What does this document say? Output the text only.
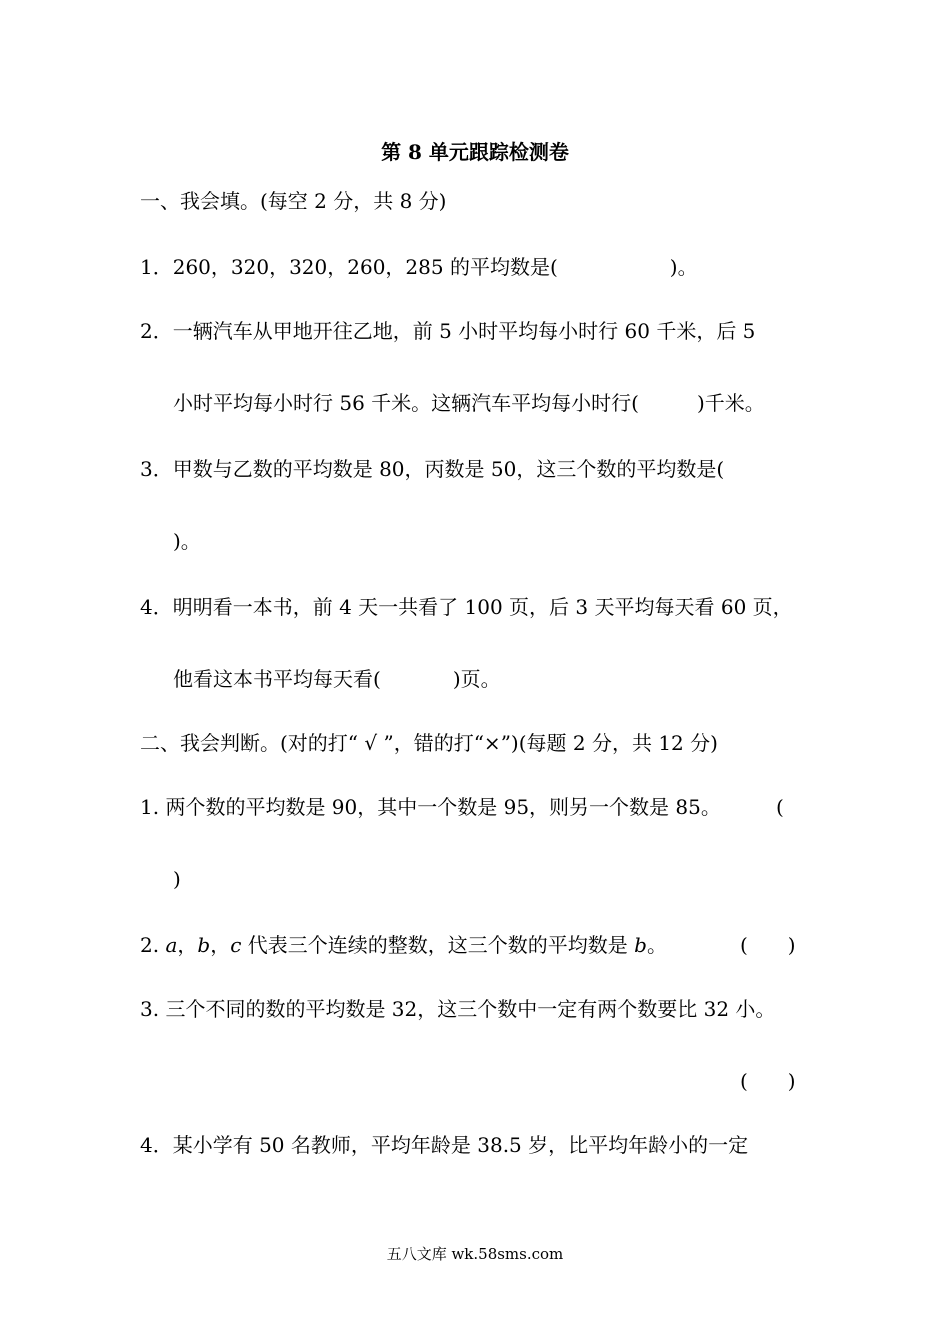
第 8 单元跟踪检测卷
一、我会填。(每空 2 分，共 8 分)
1．260，320，320，260，285 的平均数是(	)。
2．一辆汽车从甲地开往乙地，前 5 小时平均每小时行 60 千米，后 5
小时平均每小时行 56 千米。这辆汽车平均每小时行(	)千米。
3．甲数与乙数的平均数是 80，丙数是 50，这三个数的平均数是(
)。
4．明明看一本书，前 4 天一共看了 100 页，后 3 天平均每天看 60 页，
他看这本书平均每天看(	)页。
二、我会判断。(对的打“ √ ”，错的打“×”)(每题 2 分，共 12 分)
1. 两个数的平均数是 90，其中一个数是 95，则另一个数是 85。	(
)
2. a，b，c 代表三个连续的整数，这三个数的平均数是 b。	(　　)
3. 三个不同的数的平均数是 32，这三个数中一定有两个数要比 32 小。
(　　)
4．某小学有 50 名教师，平均年龄是 38.5 岁，比平均年龄小的一定
五八文库 wk.58sms.com
